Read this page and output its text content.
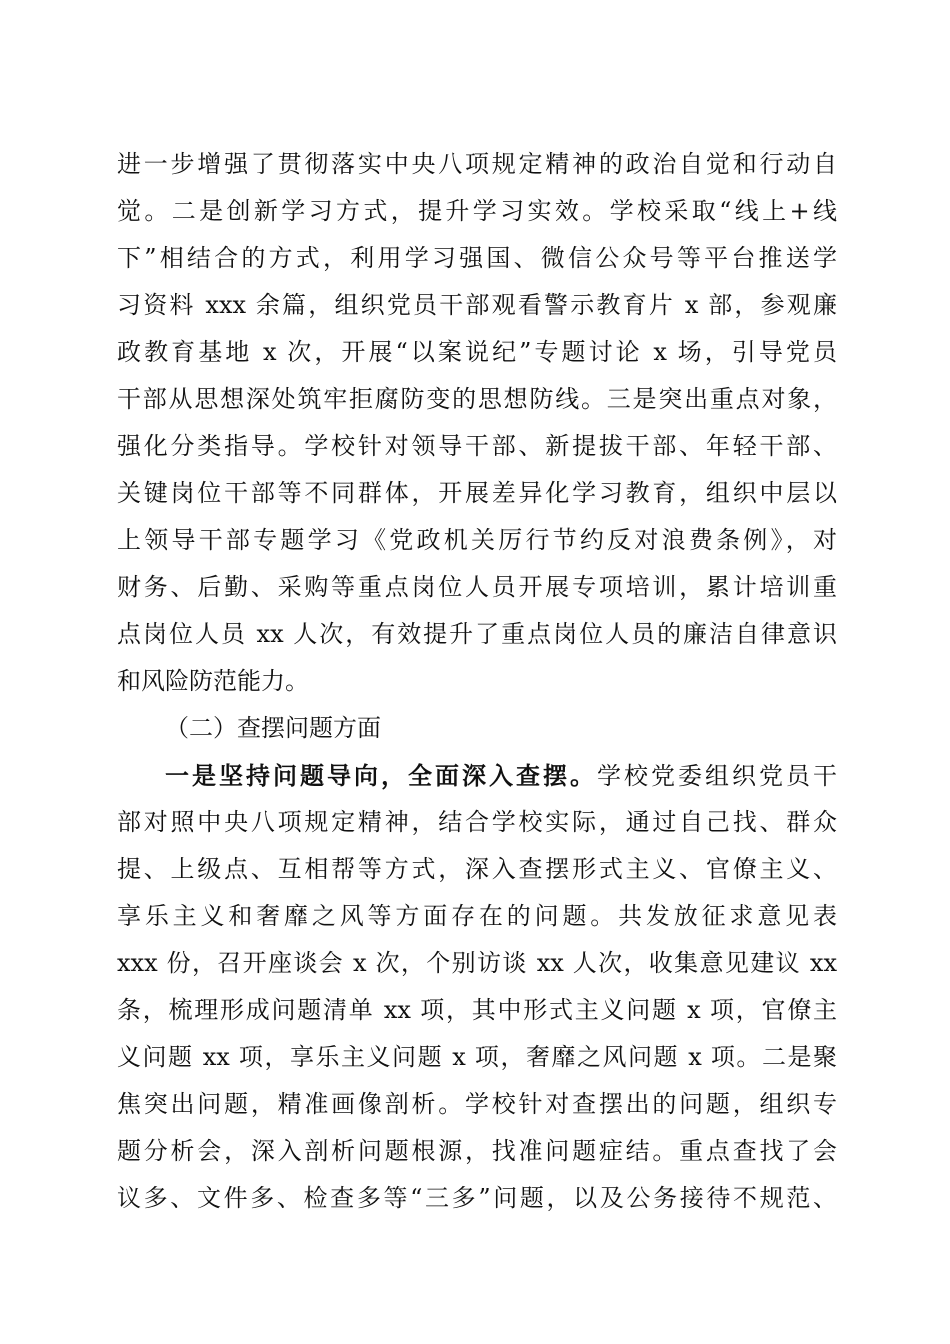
进一步增强了贯彻落实中央八项规定精神的政治自觉和行动自
觉。二是创新学习方式，提升学习实效。学校采取“线上+线
下”相结合的方式，利用学习强国、微信公众号等平台推送学
习资料 xxx 余篇，组织党员干部观看警示教育片 x 部，参观廉
政教育基地 x 次，开展“以案说纪”专题讨论 x 场，引导党员
干部从思想深处筑牢拒腐防变的思想防线。三是突出重点对象，
强化分类指导。学校针对领导干部、新提拔干部、年轻干部、
关键岗位干部等不同群体，开展差异化学习教育，组织中层以
上领导干部专题学习《党政机关厉行节约反对浪费条例》，对
财务、后勤、采购等重点岗位人员开展专项培训，累计培训重
点岗位人员 xx 人次，有效提升了重点岗位人员的廉洁自律意识
和风险防范能力。
（二）查摆问题方面
一是坚持问题导向，全面深入查摆。学校党委组织党员干
部对照中央八项规定精神，结合学校实际，通过自己找、群众
提、上级点、互相帮等方式，深入查摆形式主义、官僚主义、
享乐主义和奢靡之风等方面存在的问题。共发放征求意见表
xxx 份，召开座谈会 x 次，个别访谈 xx 人次，收集意见建议 xx
条，梳理形成问题清单 xx 项，其中形式主义问题 x 项，官僚主
义问题 xx 项，享乐主义问题 x 项，奢靡之风问题 x 项。二是聚
焦突出问题，精准画像剖析。学校针对查摆出的问题，组织专
题分析会，深入剖析问题根源，找准问题症结。重点查找了会
议多、文件多、检查多等“三多”问题，以及公务接待不规范、
